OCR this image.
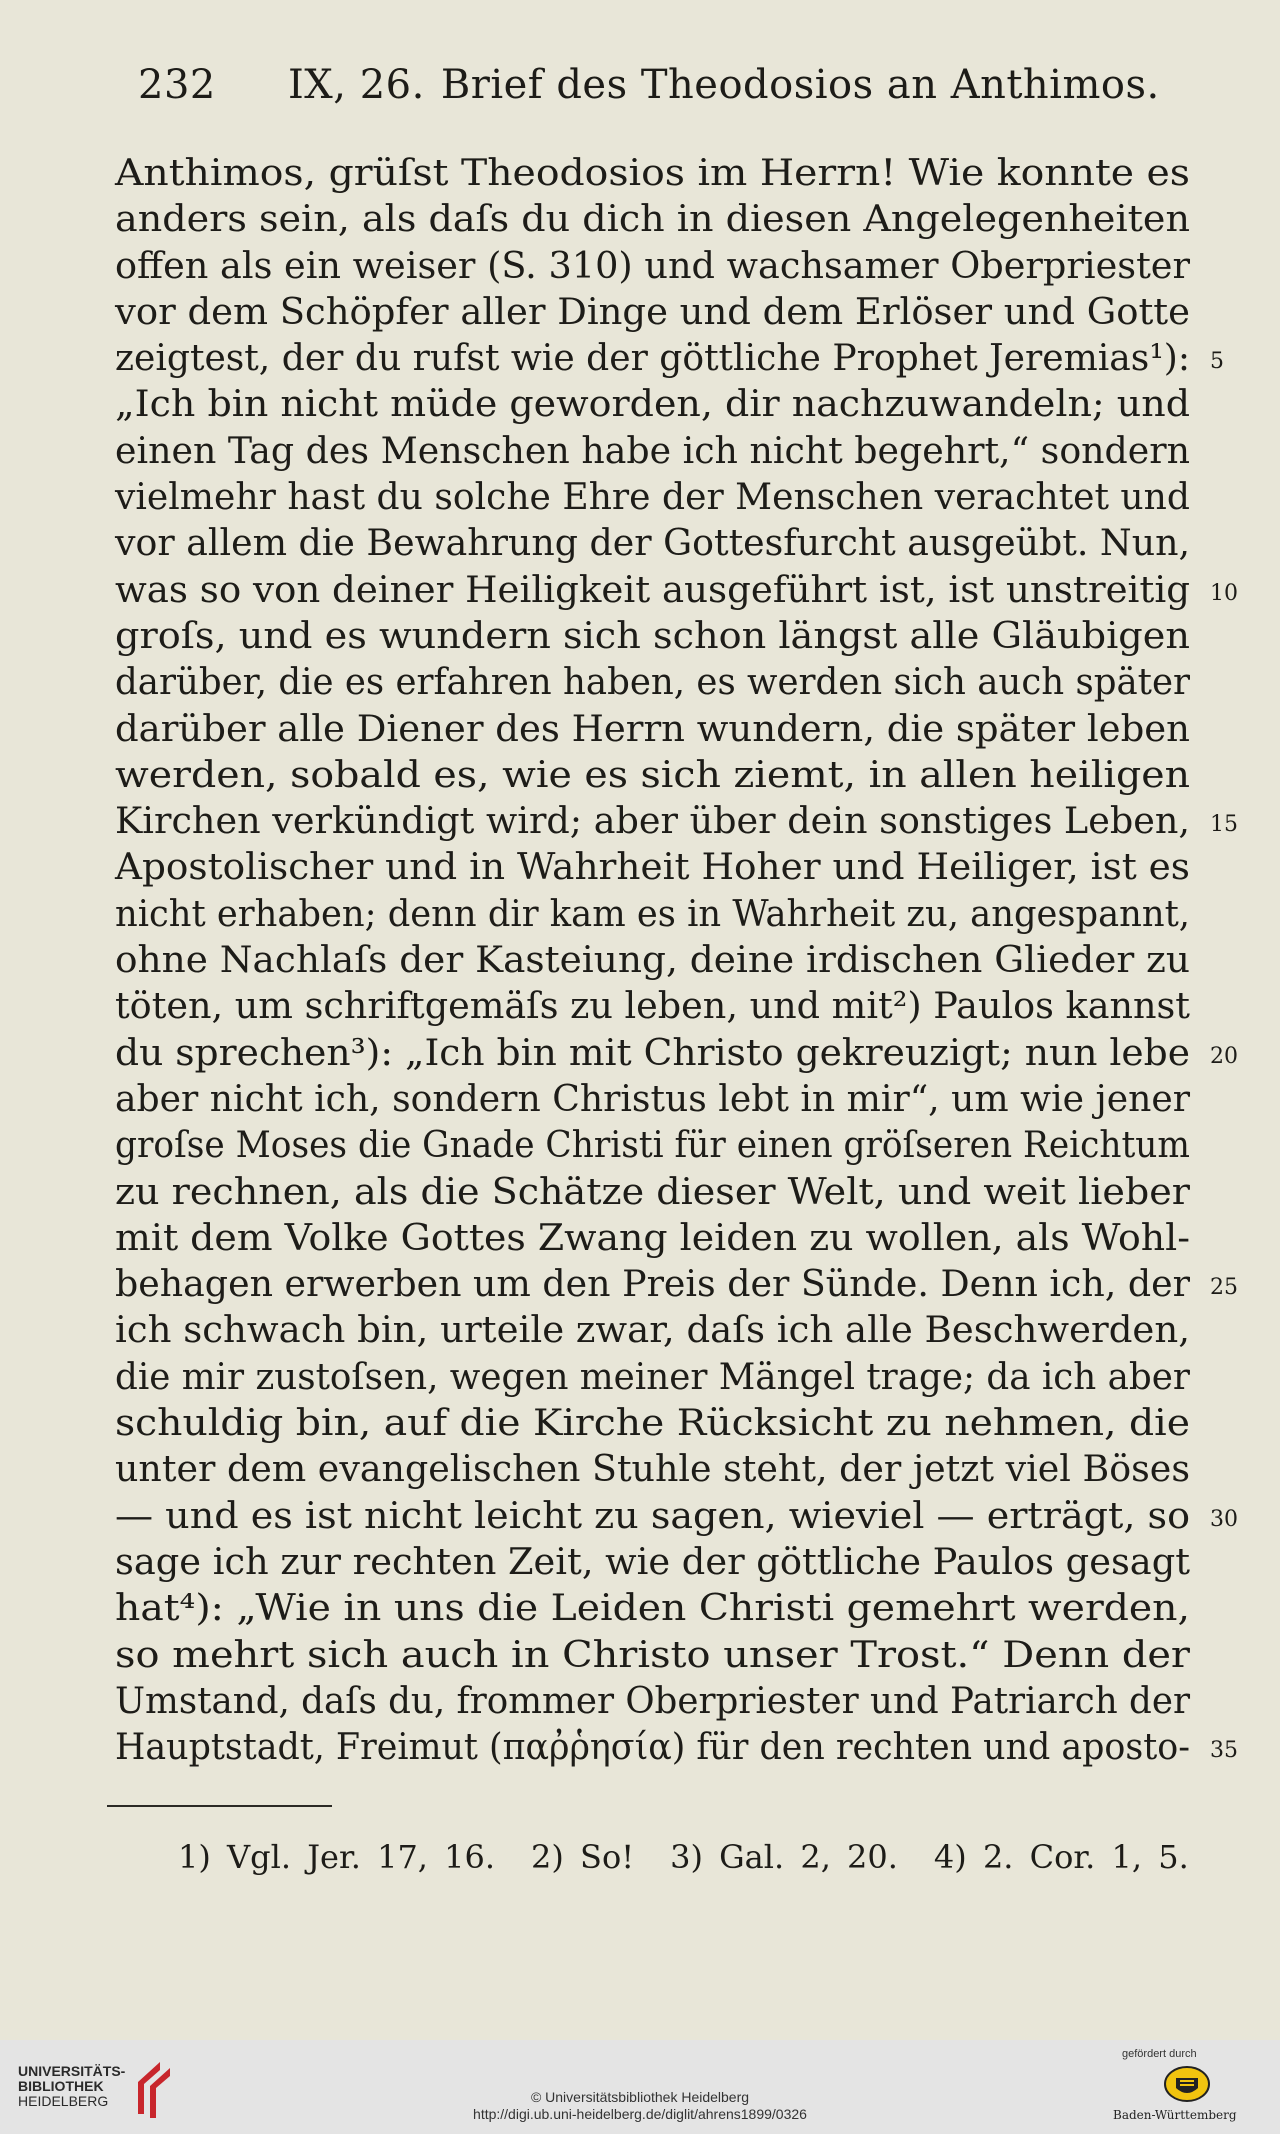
232 IX, 26. Brief des Theodosios an Anthimos.
Anthimos, grüſst Theodosios im Herrn! Wie konnte es
anders sein, als daſs du dich in diesen Angelegenheiten
offen als ein weiser (S. 310) und wachsamer Oberpriester
vor dem Schöpfer aller Dinge und dem Erlöser und Gotte
zeigtest, der du rufst wie der göttliche Prophet Jeremias¹): 5
„Ich bin nicht müde geworden, dir nachzuwandeln; und
einen Tag des Menschen habe ich nicht begehrt,“ sondern
vielmehr hast du solche Ehre der Menschen verachtet und
vor allem die Bewahrung der Gottesfurcht ausgeübt. Nun,
was so von deiner Heiligkeit ausgeführt ist, ist unstreitig 10
groſs, und es wundern sich schon längst alle Gläubigen
darüber, die es erfahren haben, es werden sich auch später
darüber alle Diener des Herrn wundern, die später leben
werden, sobald es, wie es sich ziemt, in allen heiligen
Kirchen verkündigt wird; aber über dein sonstiges Leben, 15
Apostolischer und in Wahrheit Hoher und Heiliger, ist es
nicht erhaben; denn dir kam es in Wahrheit zu, angespannt,
ohne Nachlaſs der Kasteiung, deine irdischen Glieder zu
töten, um schriftgemäſs zu leben, und mit²) Paulos kannst
du sprechen³): „Ich bin mit Christo gekreuzigt; nun lebe 20
aber nicht ich, sondern Christus lebt in mir“, um wie jener
groſse Moses die Gnade Christi für einen gröſseren Reichtum
zu rechnen, als die Schätze dieser Welt, und weit lieber
mit dem Volke Gottes Zwang leiden zu wollen, als Wohl-
behagen erwerben um den Preis der Sünde. Denn ich, der 25
ich schwach bin, urteile zwar, daſs ich alle Beschwerden,
die mir zustoſsen, wegen meiner Mängel trage; da ich aber
schuldig bin, auf die Kirche Rücksicht zu nehmen, die
unter dem evangelischen Stuhle steht, der jetzt viel Böses
— und es ist nicht leicht zu sagen, wieviel — erträgt, so 30
sage ich zur rechten Zeit, wie der göttliche Paulos gesagt
hat⁴): „Wie in uns die Leiden Christi gemehrt werden,
so mehrt sich auch in Christo unser Trost.“ Denn der
Umstand, daſs du, frommer Oberpriester und Patriarch der
Hauptstadt, Freimut (παῤῥησία) für den rechten und aposto- 35
1) Vgl. Jer. 17, 16. 2) So! 3) Gal. 2, 20. 4) 2. Cor. 1, 5.
UNIVERSITÄTS-
BIBLIOTHEK
HEIDELBERG	© Universitätsbibliothek Heidelberg
http://digi.ub.uni-heidelberg.de/diglit/ahrens1899/0326
gefördert durch
Baden-Württemberg
